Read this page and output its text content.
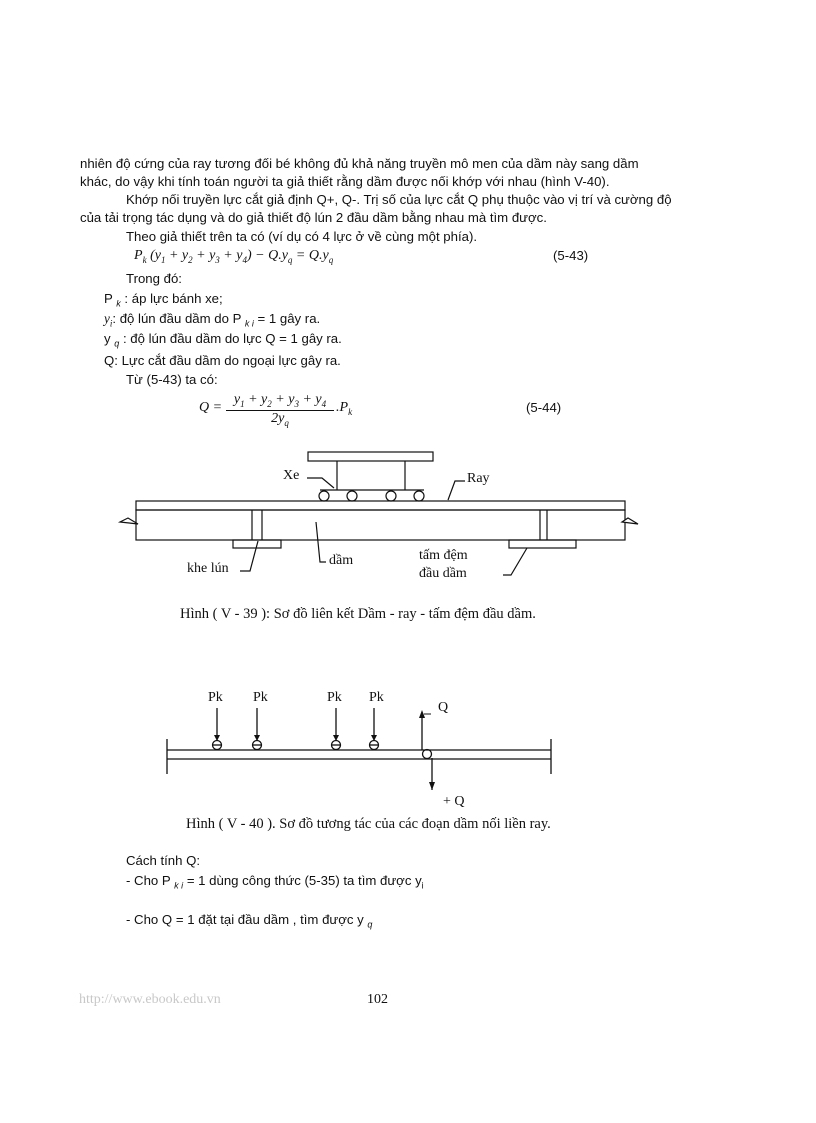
nhiên độ cứng của ray tương đối bé không đủ khả năng truyền mô men của dầm này sang dầm
khác, do vậy khi tính toán người ta giả thiết rằng dầm được nối khớp với nhau (hình V-40).
Khớp nối truyền lực cắt giả định Q+, Q-. Trị số của lực cắt Q phụ thuộc vào vị trí và cường độ
của tải trọng tác dụng và do giả thiết độ lún 2 đầu dầm bằng nhau mà tìm được.
Theo giả thiết trên ta có (ví dụ có 4 lực ở về cùng một phía).
$P_k$ $(y_1 + y_2 + y_3 + y_4) - Q.y_q = Q.y_q$	(5-43)
Trong đó:
P $_k$ : áp lực bánh xe;
$y_i$: độ lún đầu dầm do P $_{k i}$ = 1 gây ra.
y $_q$ : độ lún đầu dầm do lực Q = 1 gây ra.
Q: Lực cắt đầu dầm do ngoại lực gây ra.
Từ (5-43) ta có:
Q =
$y_1 + y_2 + y_3 + y_4$
$2y_q$
$.P_k$	(5-44)
Xe	Ray
khe lún
dầm	tấm đệm
đầu dầm
Hình ( V - 39 ): Sơ đồ liên kết Dầm - ray - tấm đệm đầu dầm.
Pk Pk	Pk Pk
Q
+ Q
Hình ( V - 40 ). Sơ đồ tương tác của các đoạn dầm nối liền ray.
Cách tính Q:
- Cho P $_{k i}$ = 1 dùng công thức (5-35) ta tìm được $y_i$
- Cho Q = 1 đặt tại đầu dầm , tìm được y $_q$
http://www.ebook.edu.vn	102
